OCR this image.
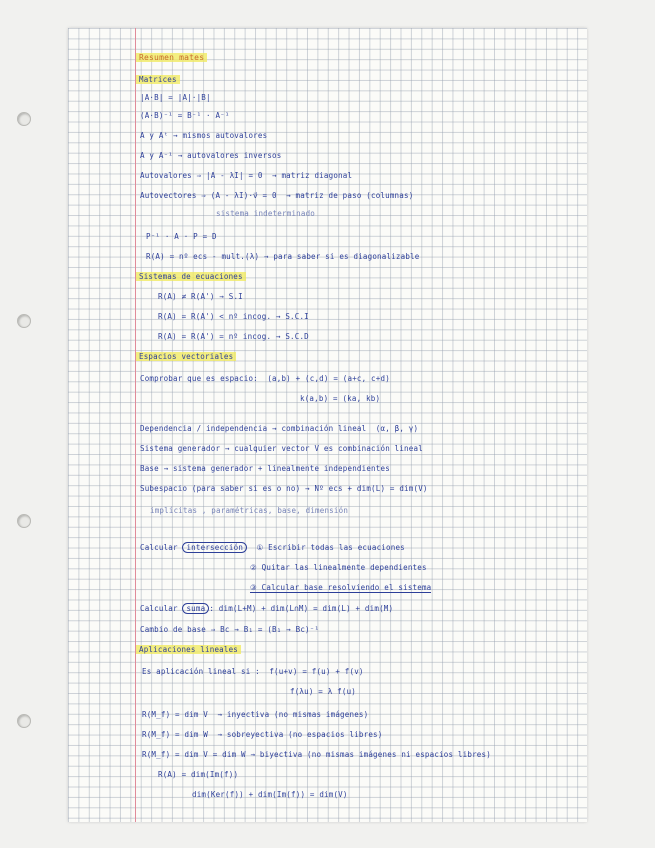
Resumen mates
Matrices
|A·B| = |A|·|B|
(A·B)⁻¹ = B⁻¹ · A⁻¹
A y Aᵗ → mismos autovalores
A y A⁻¹ → autovalores inversos
Autovalores ⇒ |A - λI| = 0  → matriz diagonal
Autovectores ⇒ (A - λI)·v⃗ = 0  → matriz de paso (columnas)
sistema indeterminado
P⁻¹ · A · P = D
R(A) = nº ecs - mult.(λ) → para saber si es diagonalizable
Sistemas de ecuaciones
R(A) ≠ R(A') → S.I
R(A) = R(A') < nº incog. → S.C.I
R(A) = R(A') = nº incog. → S.C.D
Espacios vectoriales
Comprobar que es espacio:  (a,b) + (c,d) = (a+c, c+d)
k(a,b) = (ka, kb)
Dependencia / independencia → combinación lineal  (α, β, γ)
Sistema generador → cualquier vector V es combinación lineal
Base → sistema generador + linealmente independientes
Subespacio (para saber si es o no) → Nº ecs + dim(L) = dim(V)
implícitas , paramétricas, base, dimensión
Calcular intersección ① Escribir todas las ecuaciones
② Quitar las linealmente dependientes
③ Calcular base resolviendo el sistema
Calcular suma : dim(L+M) + dim(L∩M) = dim(L) + dim(M)
Cambio de base ⇒ Bc → B₁ = (B₁ → Bc)⁻¹
Aplicaciones lineales
Es aplicación lineal si :  f(u+v) = f(u) + f(v)
f(λu) = λ f(u)
R(M_f) = dim V  → inyectiva (no mismas imágenes)
R(M_f) = dim W  → sobreyectiva (no espacios libres)
R(M_f) = dim V = dim W → biyectiva (no mismas imágenes ni espacios libres)
R(A) = dim(Im(f))
dim(Ker(f)) + dim(Im(f)) = dim(V)
